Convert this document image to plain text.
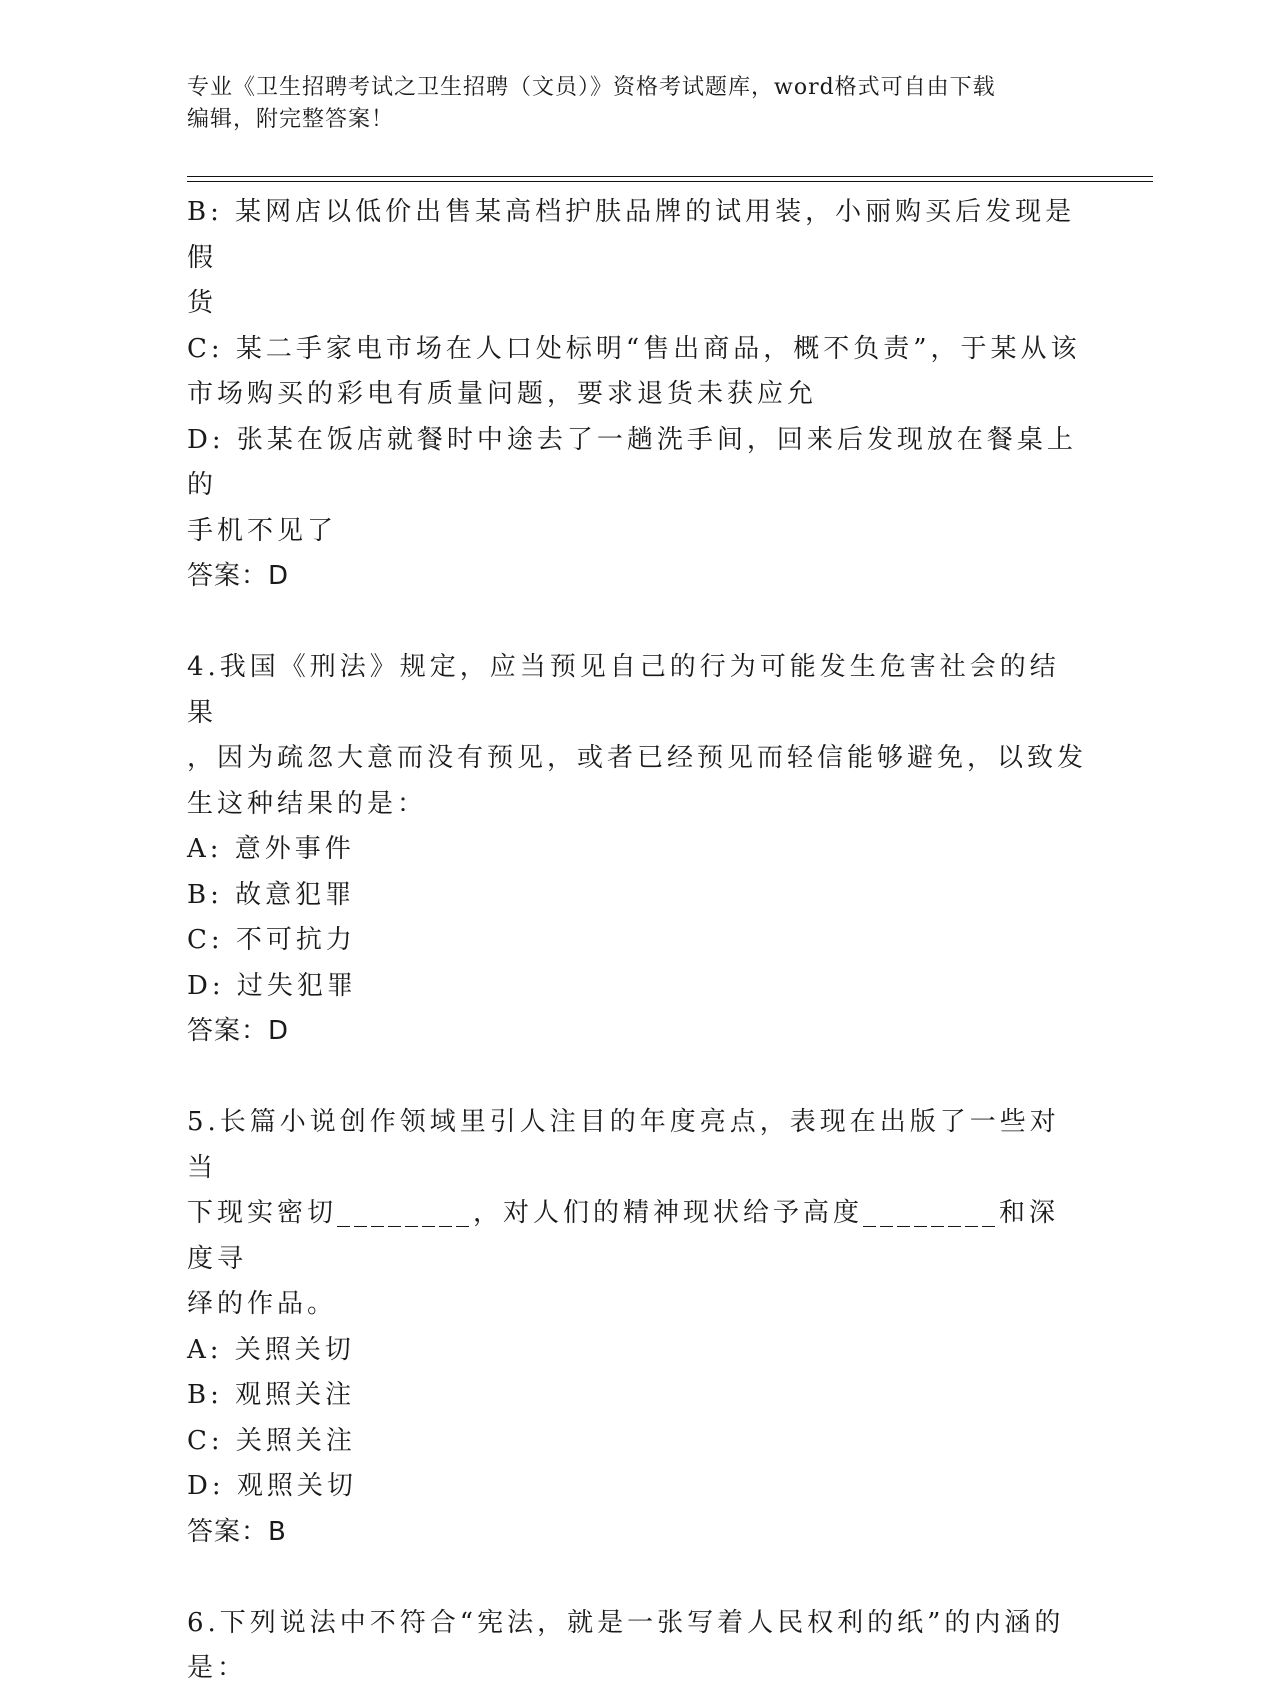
专业《卫生招聘考试之卫生招聘（文员）》资格考试题库，word格式可自由下载
编辑，附完整答案！

B: 某网店以低价出售某高档护肤品牌的试用装，小丽购买后发现是假

货

C: 某二手家电市场在人口处标明“售出商品，概不负责”，于某从该

市场购买的彩电有质量问题，要求退货未获应允

D: 张某在饭店就餐时中途去了一趟洗手间，回来后发现放在餐桌上的

手机不见了

答案：D

4.我国《刑法》规定，应当预见自己的行为可能发生危害社会的结果

，因为疏忽大意而没有预见，或者已经预见而轻信能够避免，以致发

生这种结果的是：

A: 意外事件

B: 故意犯罪

C: 不可抗力

D: 过失犯罪

答案：D

5.长篇小说创作领域里引人注目的年度亮点，表现在出版了一些对当

下现实密切________，对人们的精神现状给予高度________和深度寻

绎的作品。

A: 关照关切

B: 观照关注

C: 关照关注

D: 观照关切

答案：B

6.下列说法中不符合“宪法，就是一张写着人民权利的纸”的内涵的

是：
